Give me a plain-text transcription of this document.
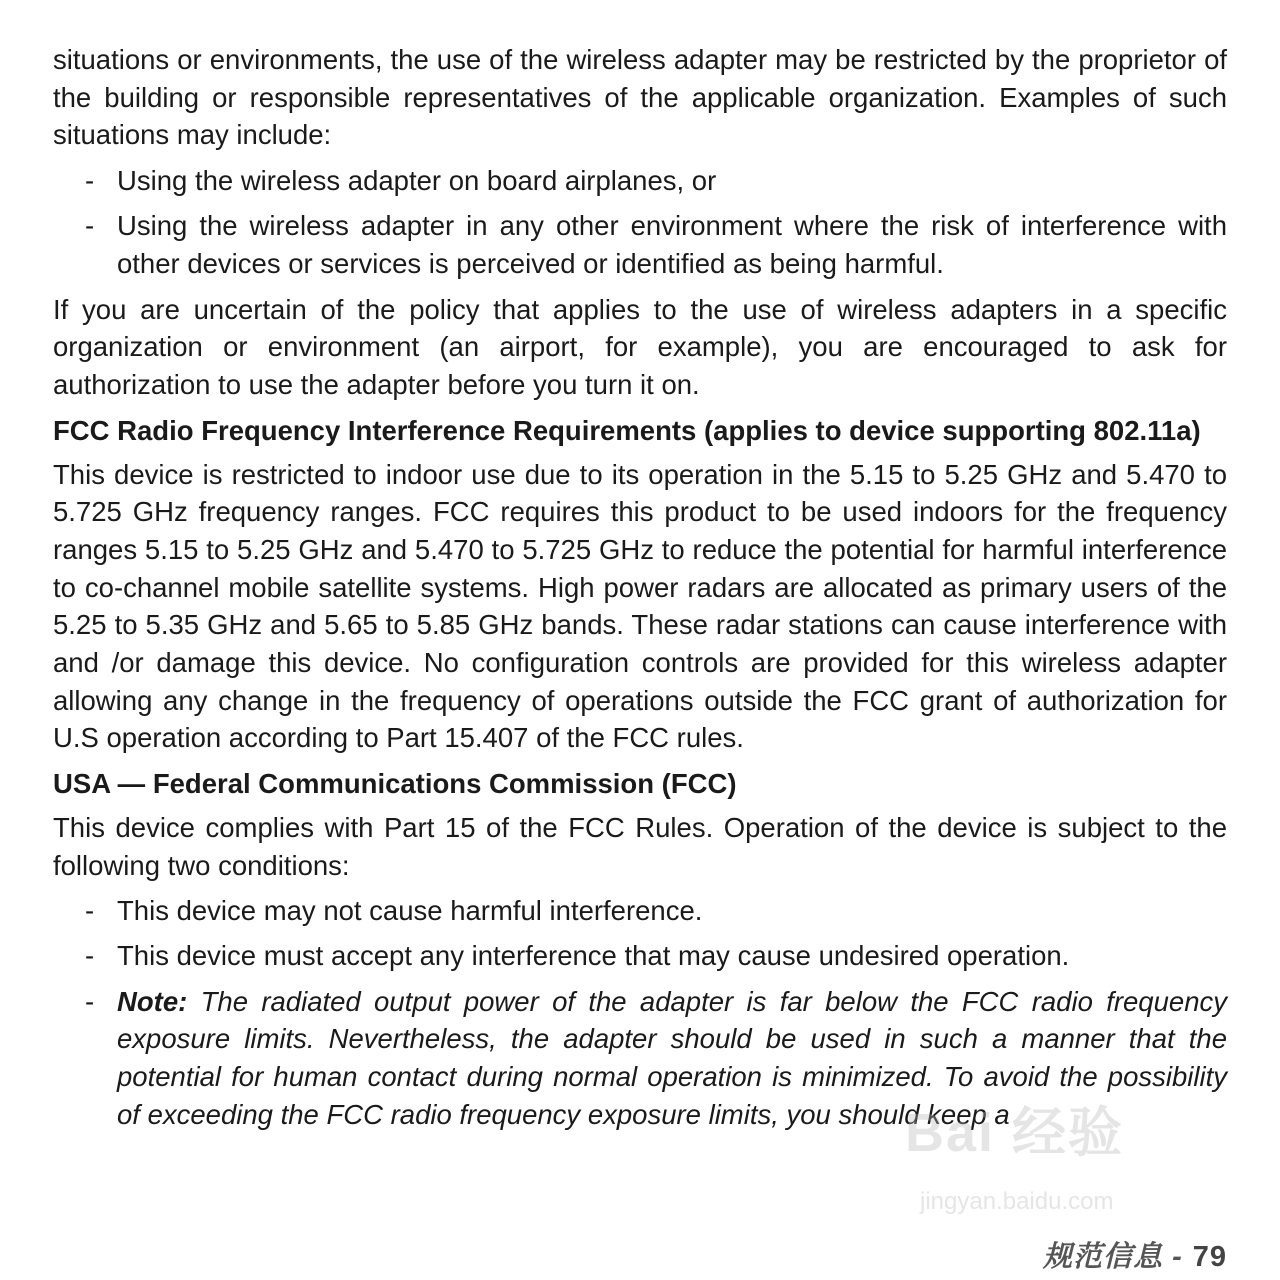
situations or environments, the use of the wireless adapter may be restricted by the proprietor of the building or responsible representatives of the applicable organization. Examples of such situations may include:

- Using the wireless adapter on board airplanes, or
- Using the wireless adapter in any other environment where the risk of interference with other devices or services is perceived or identified as being harmful.

If you are uncertain of the policy that applies to the use of wireless adapters in a specific organization or environment (an airport, for example), you are encouraged to ask for authorization to use the adapter before you turn it on.

FCC Radio Frequency Interference Requirements (applies to device supporting 802.11a)

This device is restricted to indoor use due to its operation in the 5.15 to 5.25 GHz and 5.470 to 5.725 GHz frequency ranges. FCC requires this product to be used indoors for the frequency ranges 5.15 to 5.25 GHz and 5.470 to 5.725 GHz to reduce the potential for harmful interference to co-channel mobile satellite systems. High power radars are allocated as primary users of the 5.25 to 5.35 GHz and 5.65 to 5.85 GHz bands. These radar stations can cause interference with and /or damage this device. No configuration controls are provided for this wireless adapter allowing any change in the frequency of operations outside the FCC grant of authorization for U.S operation according to Part 15.407 of the FCC rules.

USA — Federal Communications Commission (FCC)

This device complies with Part 15 of the FCC Rules. Operation of the device is subject to the following two conditions:

- This device may not cause harmful interference.
- This device must accept any interference that may cause undesired operation.
- Note: The radiated output power of the adapter is far below the FCC radio frequency exposure limits. Nevertheless, the adapter should be used in such a manner that the potential for human contact during normal operation is minimized. To avoid the possibility of exceeding the FCC radio frequency exposure limits, you should keep a
Bai 经验
jingyan.baidu.com
规范信息 - 79
